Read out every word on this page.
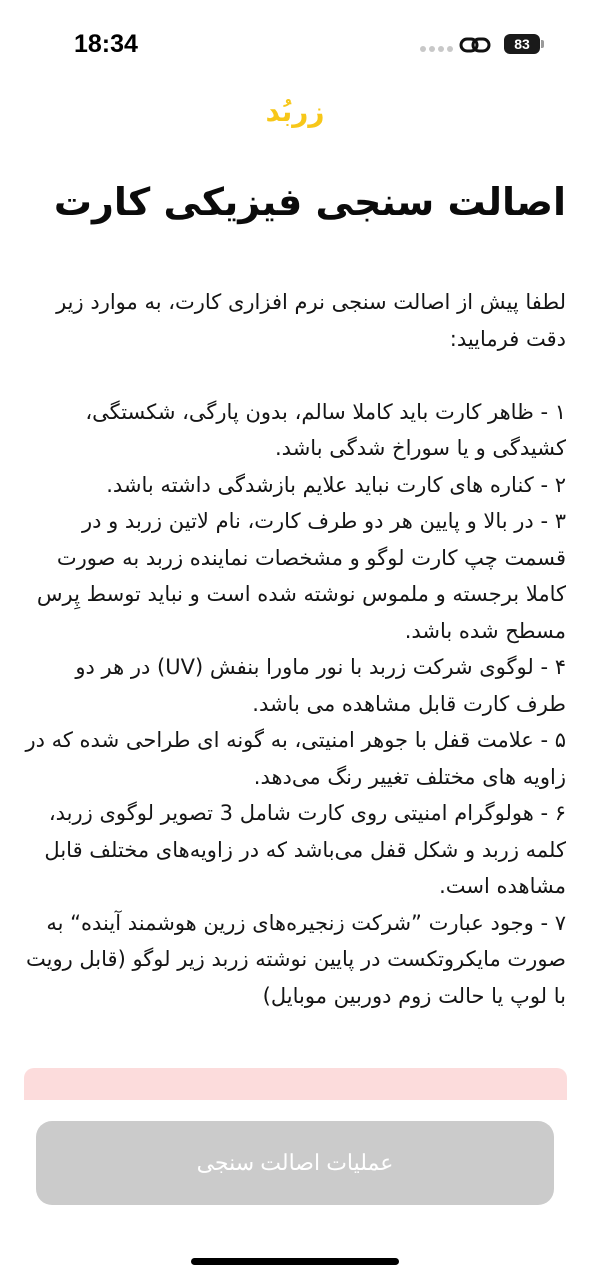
18:34	83
زربُد
اصالت سنجی فیزیکی کارت

لطفا پیش از اصالت سنجی نرم افزاری کارت، به موارد زیر دقت فرمایید:

۱ - ظاهر کارت باید کاملا سالم، بدون پارگی، شکستگی، کشیدگی و یا سوراخ شدگی باشد.

۲ - کناره های کارت نباید علایم بازشدگی داشته باشد.

۳ - در بالا و پایین هر دو طرف کارت، نام لاتین زربد و در قسمت چپ کارت لوگو و مشخصات نماینده زربد به صورت کاملا برجسته و ملموس نوشته شده است و نباید توسط پِرس مسطح شده باشد.

۴ - لوگوی شرکت زربد با نور ماورا بنفش (UV) در هر دو طرف کارت قابل مشاهده می باشد.

۵ - علامت قفل با جوهر امنیتی، به گونه ای طراحی شده که در زاویه های مختلف تغییر رنگ می‌دهد.

۶ - هولوگرام امنیتی روی کارت شامل 3 تصویر لوگوی زربد، کلمه زربد و شکل قفل می‌باشد که در زاویه‌های مختلف قابل مشاهده است.

۷ - وجود عبارت ”شرکت زنجیره‌های زرین هوشمند آینده“ به صورت مایکروتکست در پایین نوشته زربد زیر لوگو (قابل رویت با لوپ یا حالت زوم دوربین موبایل)

عملیات اصالت سنجی
